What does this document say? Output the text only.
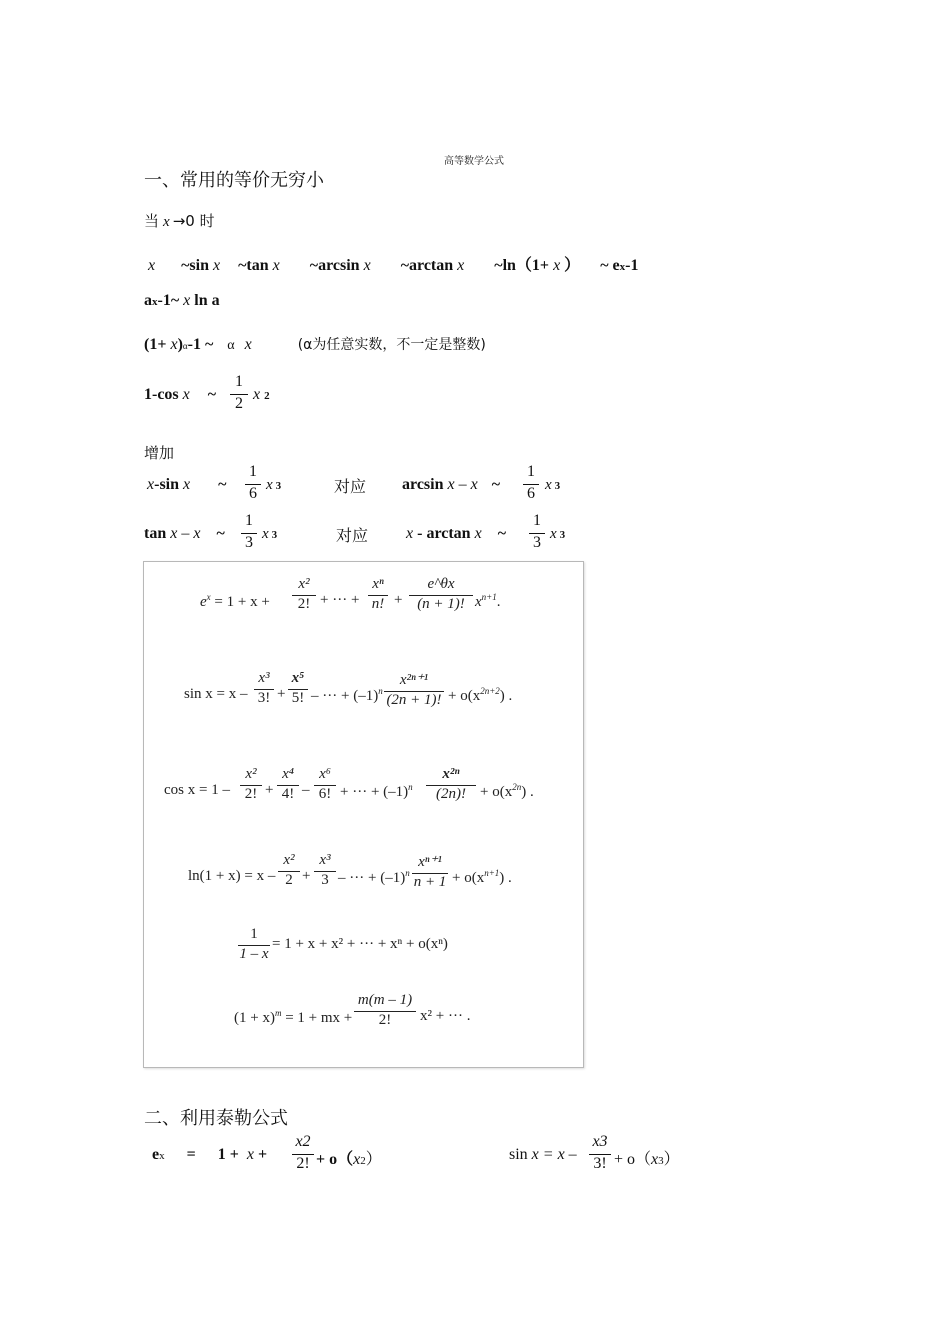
高等数学公式
一、常用的等价无穷小
当 x →0 时
x ~sin x ~tan x ~arcsin x ~arctan x ~ln（1+ x ） ~ ex-1
ax-1~ x ln a
(1+ x)α-1 ~ α x	(α为任意实数，不一定是整数)
1-cos x ~
1
2
x 2
增加
x-sin x ~
1
6 x 3	对应 arcsin x – x ~
1
6 x 3
tan x – x ~
1
3 x 3	对应 x - arctan x ~
1
3 x 3
$e^x = 1 + x$ +
x²
2! + ··· +
xⁿ
n! +
e^θx
(n + 1)! $x^{n+1}$.
sin x = x –
x³
3! +
x⁵
5! – ··· + $(-1)^n$
x²ⁿ⁺¹
(2n + 1)! + $o(x^{2n+2})$ .
cos x = 1 –
x²
2! +
x⁴
4! –
x⁶
6! + ··· + $(-1)^n$
x²ⁿ
(2n)! + $o(x^{2n})$ .
ln(1 + x) = x –
x²
2 +
x³
3 – ··· + $(-1)^n$
xⁿ⁺¹
$n + 1 + o(x^{n+1})$ .
1
1 – x
= 1 + x + x² + ··· + xⁿ + o(xⁿ)
$(1 + x)^m = 1$ + mx +
m(m – 1)
2!	x² + ··· .
二、利用泰勒公式
ex = 1 + x +
x2
2! + o（x2）	sin x = x –
x3
3! + o（x3）
